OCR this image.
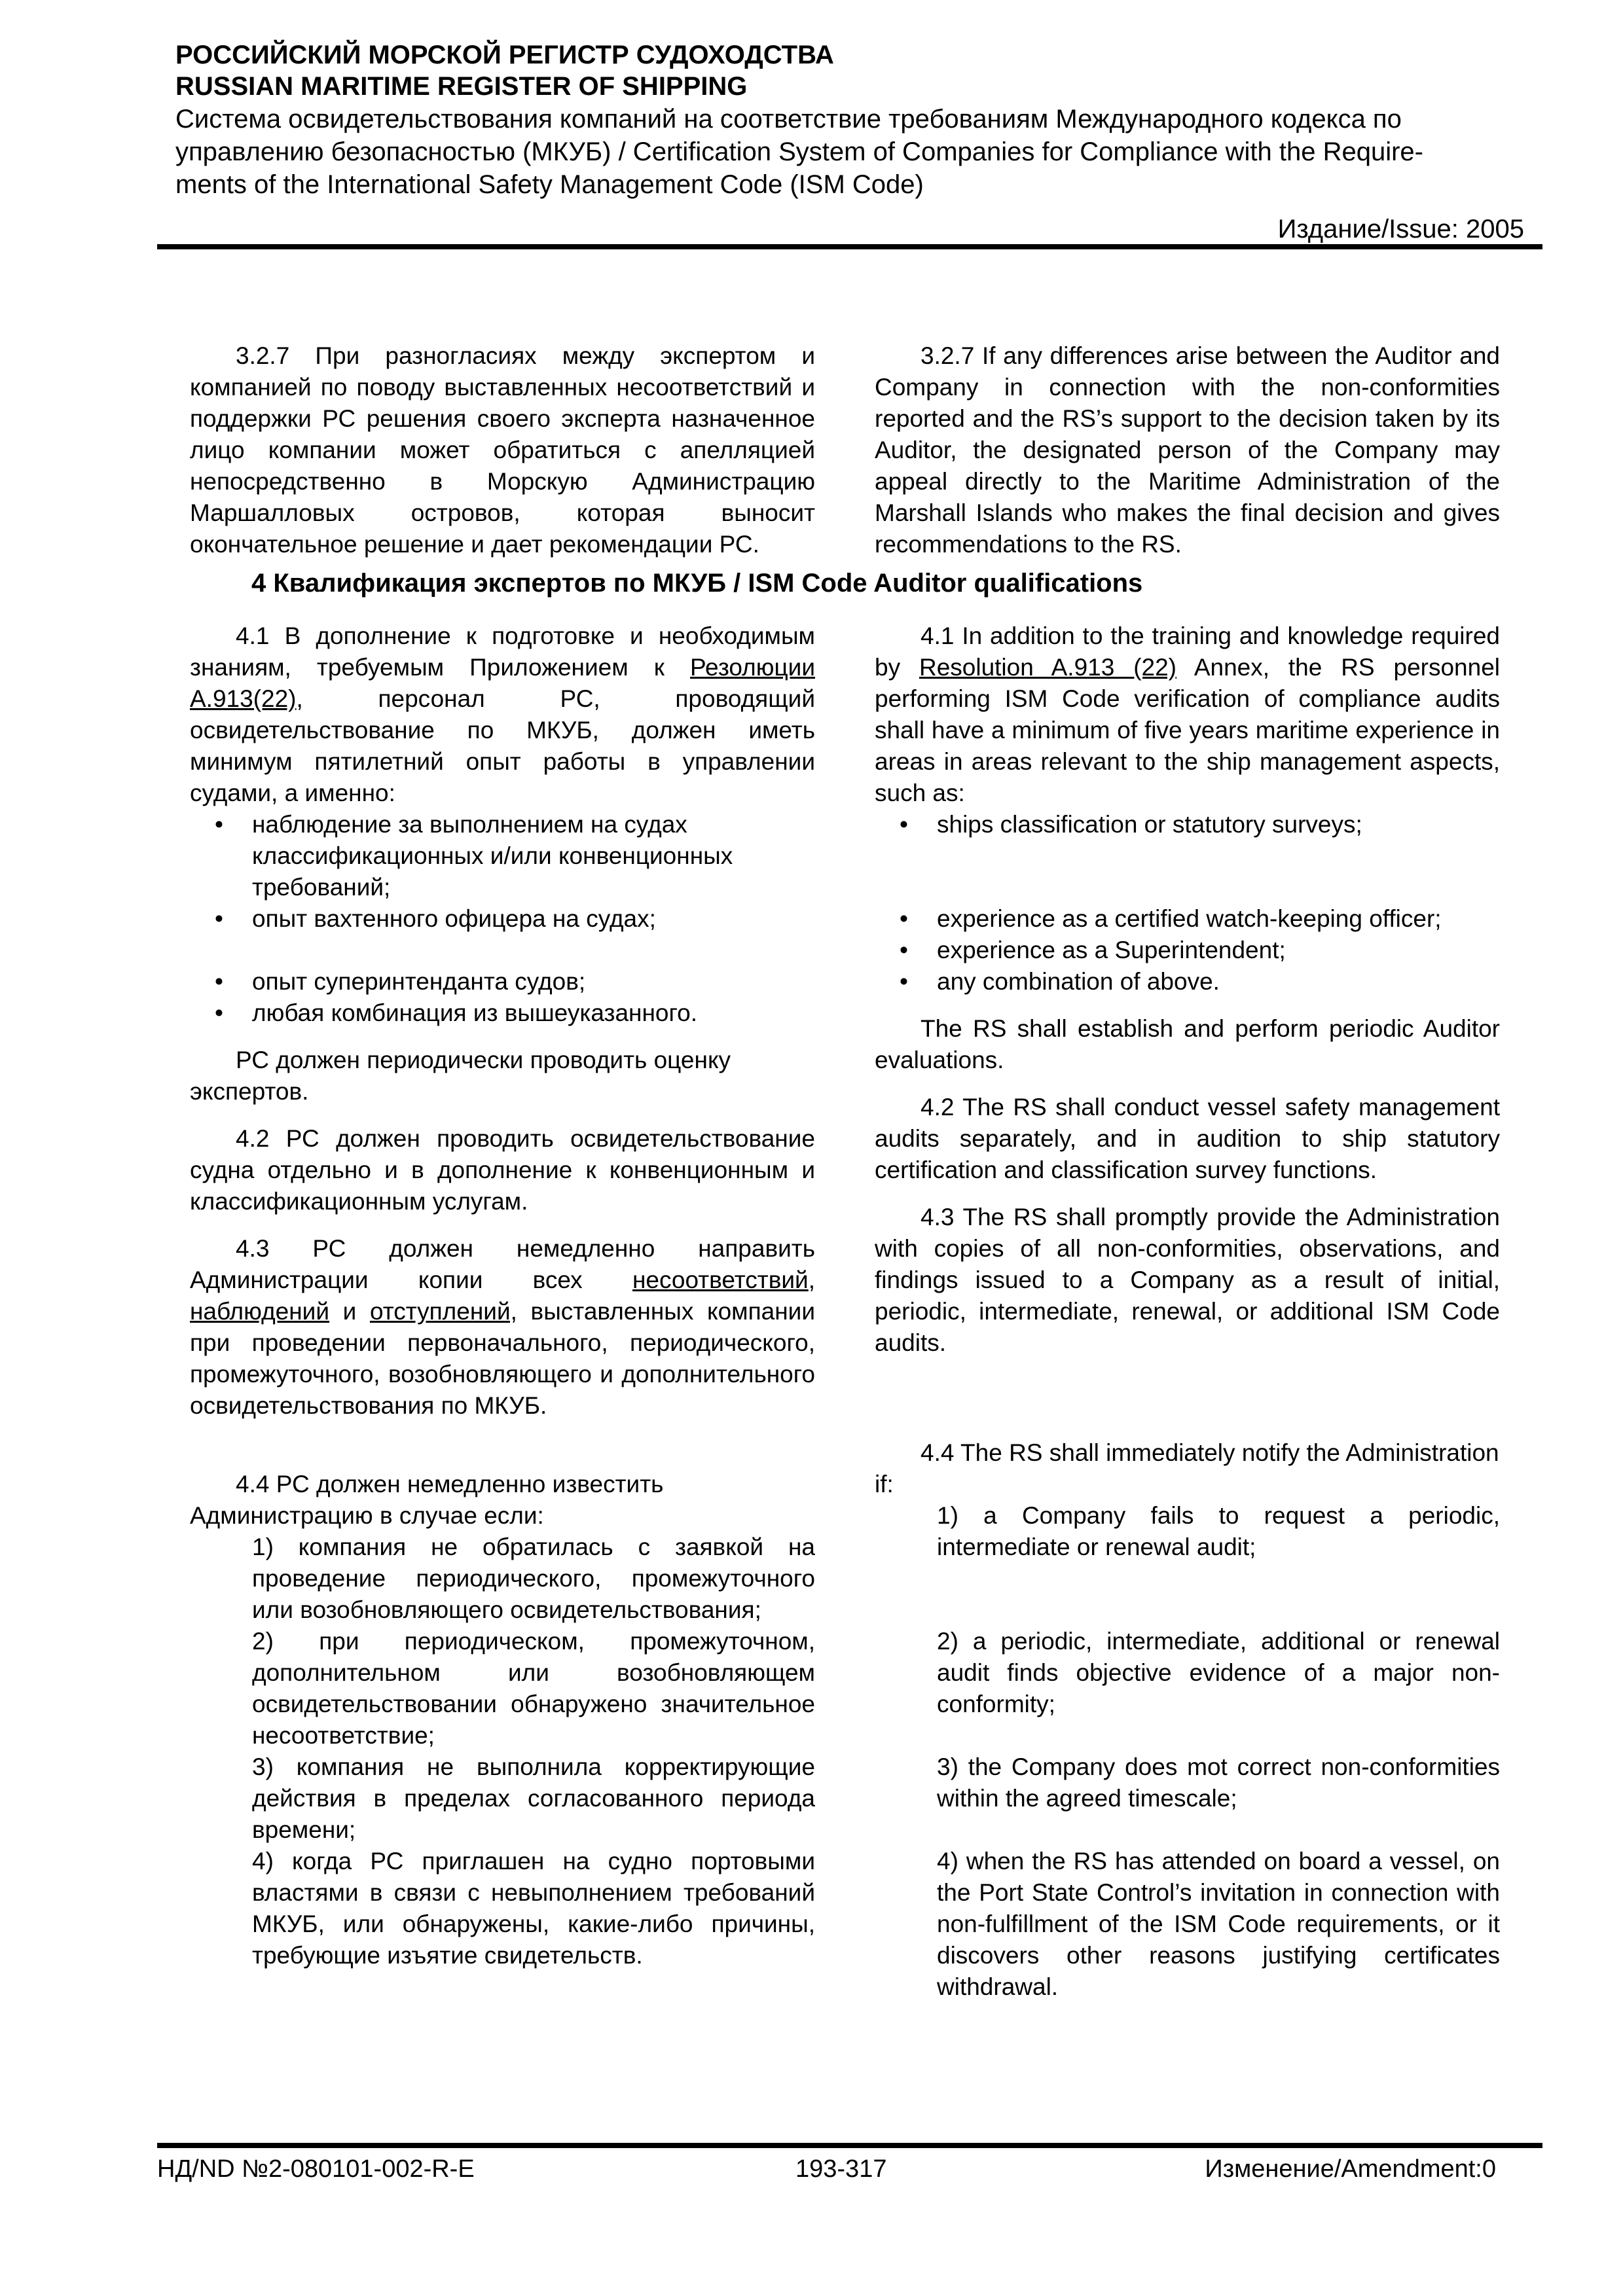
РОССИЙСКИЙ МОРСКОЙ РЕГИСТР СУДОХОДСТВА
RUSSIAN MARITIME REGISTER OF SHIPPING
Система освидетельствования компаний на соответствие требованиям Международного кодекса по
управлению безопасностью (МКУБ) / Certification System of Companies for Compliance with the Require-
ments of the International Safety Management Code (ISM Code)
Издание/Issue: 2005

3.2.7 При разногласиях между экспертом и компанией по поводу выставленных несоответствий и поддержки РС решения своего эксперта назначенное лицо компании может обратиться с апелляцией непосредственно в Морскую Администрацию Маршалловых островов, которая выносит окончательное решение и дает рекомендации РС.

3.2.7 If any differences arise between the Auditor and Company in connection with the non-conformities reported and the RS’s support to the decision taken by its Auditor, the designated person of the Company may appeal directly to the Maritime Administration of the Marshall Islands who makes the final decision and gives recommendations to the RS.

4 Квалификация экспертов по МКУБ / ISM Code Auditor qualifications

4.1 В дополнение к подготовке и необходимым знаниям, требуемым Приложением к Резолюции А.913(22), персонал РС, проводящий освидетельствование по МКУБ, должен иметь минимум пятилетний опыт работы в управлении судами, а именно:

• наблюдение за выполнением на судах классификационных и/или конвенционных требований;
• опыт вахтенного офицера на судах;
• опыт суперинтенданта судов;
• любая комбинация из вышеуказанного.

РС должен периодически проводить оценку экспертов.

4.2 РС должен проводить освидетельствование судна отдельно и в дополнение к конвенционным и классификационным услугам.

4.3 РС должен немедленно направить Администрации копии всех несоответствий, наблюдений и отступлений, выставленных компании при проведении первоначального, периодического, промежуточного, возобновляющего и дополнительного освидетельствования по МКУБ.

4.4 РС должен немедленно известить Администрацию в случае если:

1) компания не обратилась с заявкой на проведение периодического, промежуточного или возобновляющего освидетельствования;

2) при периодическом, промежуточном, дополнительном или возобновляющем освидетельствовании обнаружено значительное несоответствие;

3) компания не выполнила корректирующие действия в пределах согласованного периода времени;

4) когда РС приглашен на судно портовыми властями в связи с невыполнением требований МКУБ, или обнаружены, какие-либо причины, требующие изъятие свидетельств.

4.1 In addition to the training and knowledge required by Resolution A.913 (22) Annex, the RS personnel performing ISM Code verification of compliance audits shall have a minimum of five years maritime experience in areas in areas relevant to the ship management aspects, such as:

• ships classification or statutory surveys;
• experience as a certified watch-keeping officer;
• experience as a Superintendent;
• any combination of above.

The RS shall establish and perform periodic Auditor evaluations.

4.2 The RS shall conduct vessel safety management audits separately, and in audition to ship statutory certification and classification survey functions.

4.3 The RS shall promptly provide the Administration with copies of all non-conformities, observations, and findings issued to a Company as a result of initial, periodic, intermediate, renewal, or additional ISM Code audits.

4.4 The RS shall immediately notify the Administration if:

1) a Company fails to request a periodic, intermediate or renewal audit;

2) a periodic, intermediate, additional or renewal audit finds objective evidence of a major non-conformity;

3) the Company does mot correct non-conformities within the agreed timescale;

4) when the RS has attended on board a vessel, on the Port State Control’s invitation in connection with non-fulfillment of the ISM Code requirements, or it discovers other reasons justifying certificates withdrawal.

НД/ND №2-080101-002-R-E	193-317	Изменение/Amendment:0
